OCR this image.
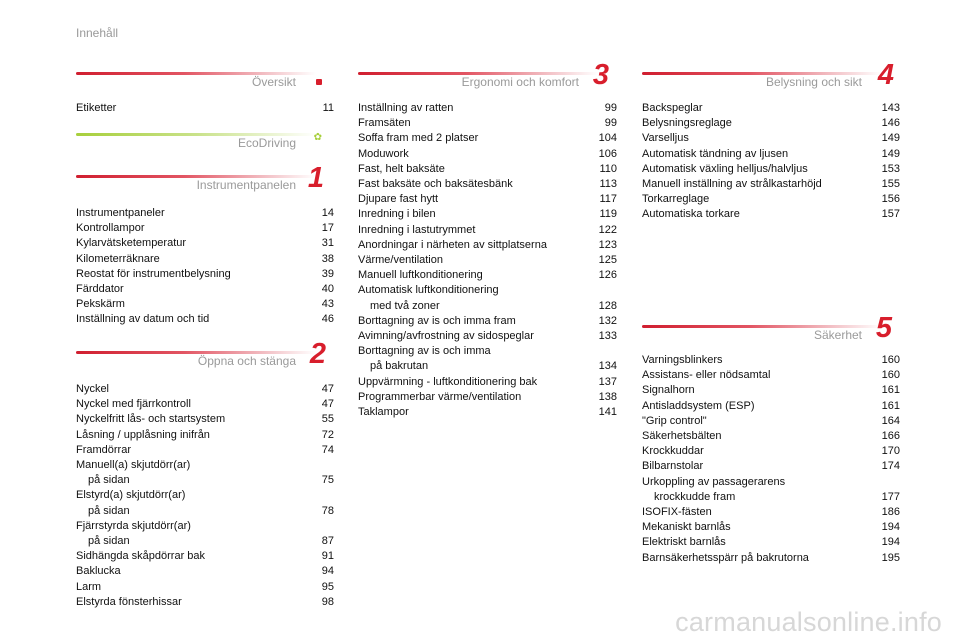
Innehåll
Översikt
Etiketter	11
EcoDriving ✿
Instrumentpanelen 1
Instrumentpaneler	14
Kontrollampor	17
Kylarvätsketemperatur	31
Kilometerräknare	38
Reostat för instrumentbelysning	39
Färddator	40
Pekskärm	43
Inställning av datum och tid	46
Öppna och stänga 2
Nyckel	47
Nyckel med fjärrkontroll	47
Nyckelfritt lås- och startsystem	55
Låsning / upplåsning inifrån	72
Framdörrar	74
Manuell(a) skjutdörr(ar)
på sidan	75
Elstyrd(a) skjutdörr(ar)
på sidan	78
Fjärrstyrda skjutdörr(ar)
på sidan	87
Sidhängda skåpdörrar bak	91
Baklucka	94
Larm	95
Elstyrda fönsterhissar	98
Ergonomi och komfort 3
Inställning av ratten	99
Framsäten	99
Soffa fram med 2 platser	104
Moduwork	106
Fast, helt baksäte	110
Fast baksäte och baksätesbänk	113
Djupare fast hytt	117
Inredning i bilen	119
Inredning i lastutrymmet	122
Anordningar i närheten av sittplatserna	123
Värme/ventilation	125
Manuell luftkonditionering	126
Automatisk luftkonditionering
med två zoner	128
Borttagning av is och imma fram	132
Avimning/avfrostning av sidospeglar	133
Borttagning av is och imma
på bakrutan	134
Uppvärmning - luftkonditionering bak	137
Programmerbar värme/ventilation	138
Taklampor	141
Belysning och sikt 4
Backspeglar	143
Belysningsreglage	146
Varselljus	149
Automatisk tändning av ljusen	149
Automatisk växling helljus/halvljus	153
Manuell inställning av strålkastarhöjd	155
Torkarreglage	156
Automatiska torkare	157
Säkerhet 5
Varningsblinkers	160
Assistans- eller nödsamtal	160
Signalhorn	161
Antisladdsystem (ESP)	161
"Grip control"	164
Säkerhetsbälten	166
Krockkuddar	170
Bilbarnstolar	174
Urkoppling av passagerarens
krockkudde fram	177
ISOFIX-fästen	186
Mekaniskt barnlås	194
Elektriskt barnlås	194
Barnsäkerhetsspärr på bakrutorna	195
carmanualsonline.info
